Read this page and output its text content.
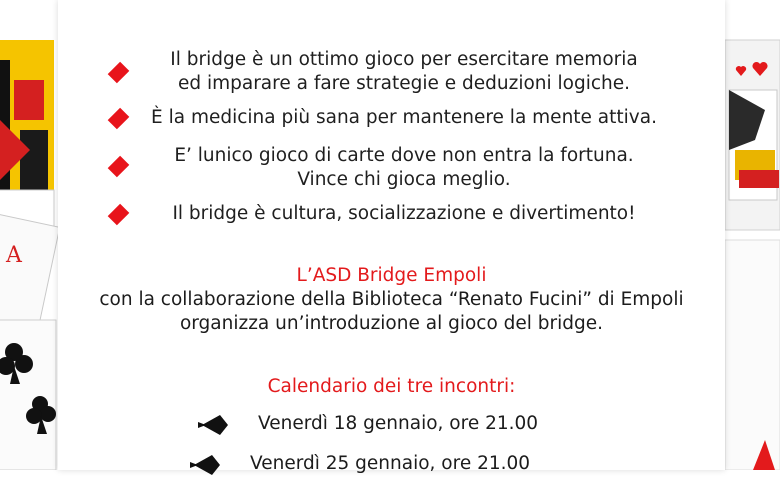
A
Il bridge è un ottimo gioco per esercitare memoria
ed imparare a fare strategie e deduzioni logiche.
È la medicina più sana per mantenere la mente attiva.
E’ lunico gioco di carte dove non entra la fortuna.
Vince chi gioca meglio.
Il bridge è cultura, socializzazione e divertimento!
L’ASD Bridge Empoli
con la collaborazione della Biblioteca “Renato Fucini” di Empoli
organizza un’introduzione al gioco del bridge.
Calendario dei tre incontri:
Venerdì 18 gennaio, ore 21.00
Venerdì 25 gennaio, ore 21.00
